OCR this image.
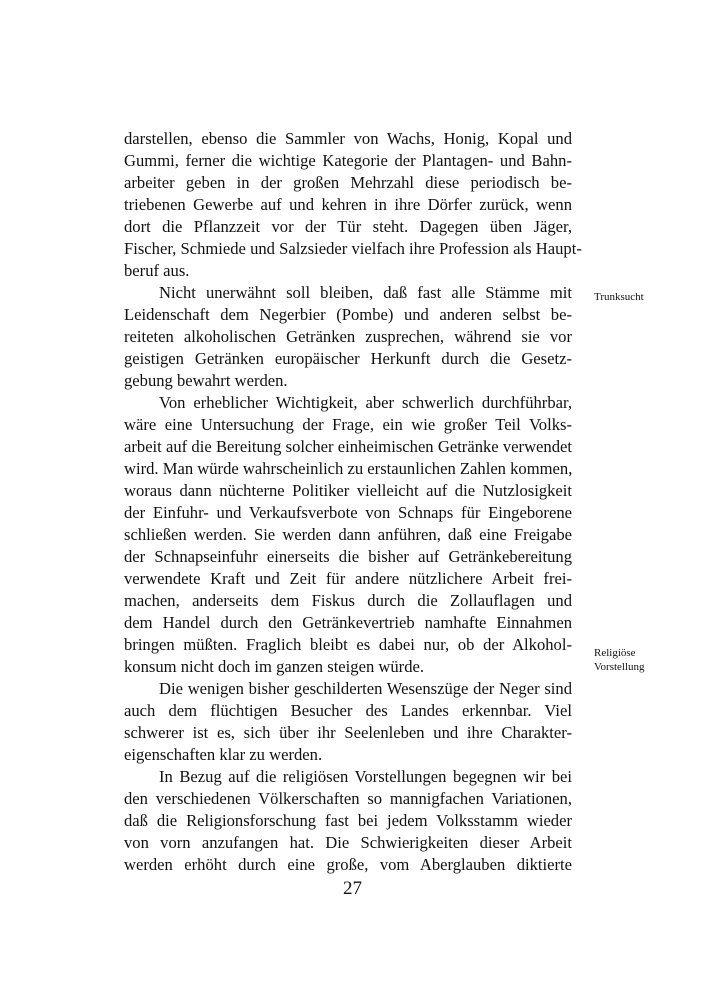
darstellen, ebenso die Sammler von Wachs, Honig, Kopal und
Gummi, ferner die wichtige Kategorie der Plantagen- und Bahn-
arbeiter geben in der großen Mehrzahl diese periodisch be-
triebenen Gewerbe auf und kehren in ihre Dörfer zurück, wenn
dort die Pflanzzeit vor der Tür steht. Dagegen üben Jäger,
Fischer, Schmiede und Salzsieder vielfach ihre Profession als Haupt-
beruf aus.
Nicht unerwähnt soll bleiben, daß fast alle Stämme mit
Leidenschaft dem Negerbier (Pombe) und anderen selbst be-
reiteten alkoholischen Getränken zusprechen, während sie vor
geistigen Getränken europäischer Herkunft durch die Gesetz-
gebung bewahrt werden.
Von erheblicher Wichtigkeit, aber schwerlich durchführbar,
wäre eine Untersuchung der Frage, ein wie großer Teil Volks-
arbeit auf die Bereitung solcher einheimischen Getränke verwendet
wird. Man würde wahrscheinlich zu erstaunlichen Zahlen kommen,
woraus dann nüchterne Politiker vielleicht auf die Nutzlosigkeit
der Einfuhr- und Verkaufsverbote von Schnaps für Eingeborene
schließen werden. Sie werden dann anführen, daß eine Freigabe
der Schnapseinfuhr einerseits die bisher auf Getränkebereitung
verwendete Kraft und Zeit für andere nützlichere Arbeit frei-
machen, anderseits dem Fiskus durch die Zollauflagen und
dem Handel durch den Getränkevertrieb namhafte Einnahmen
bringen müßten. Fraglich bleibt es dabei nur, ob der Alkohol-
konsum nicht doch im ganzen steigen würde.
Die wenigen bisher geschilderten Wesenszüge der Neger sind
auch dem flüchtigen Besucher des Landes erkennbar. Viel
schwerer ist es, sich über ihr Seelenleben und ihre Charakter-
eigenschaften klar zu werden.
In Bezug auf die religiösen Vorstellungen begegnen wir bei
den verschiedenen Völkerschaften so mannigfachen Variationen,
daß die Religionsforschung fast bei jedem Volksstamm wieder
von vorn anzufangen hat. Die Schwierigkeiten dieser Arbeit
werden erhöht durch eine große, vom Aberglauben diktierte
Trunksucht
Religiöse
Vorstellung
27
